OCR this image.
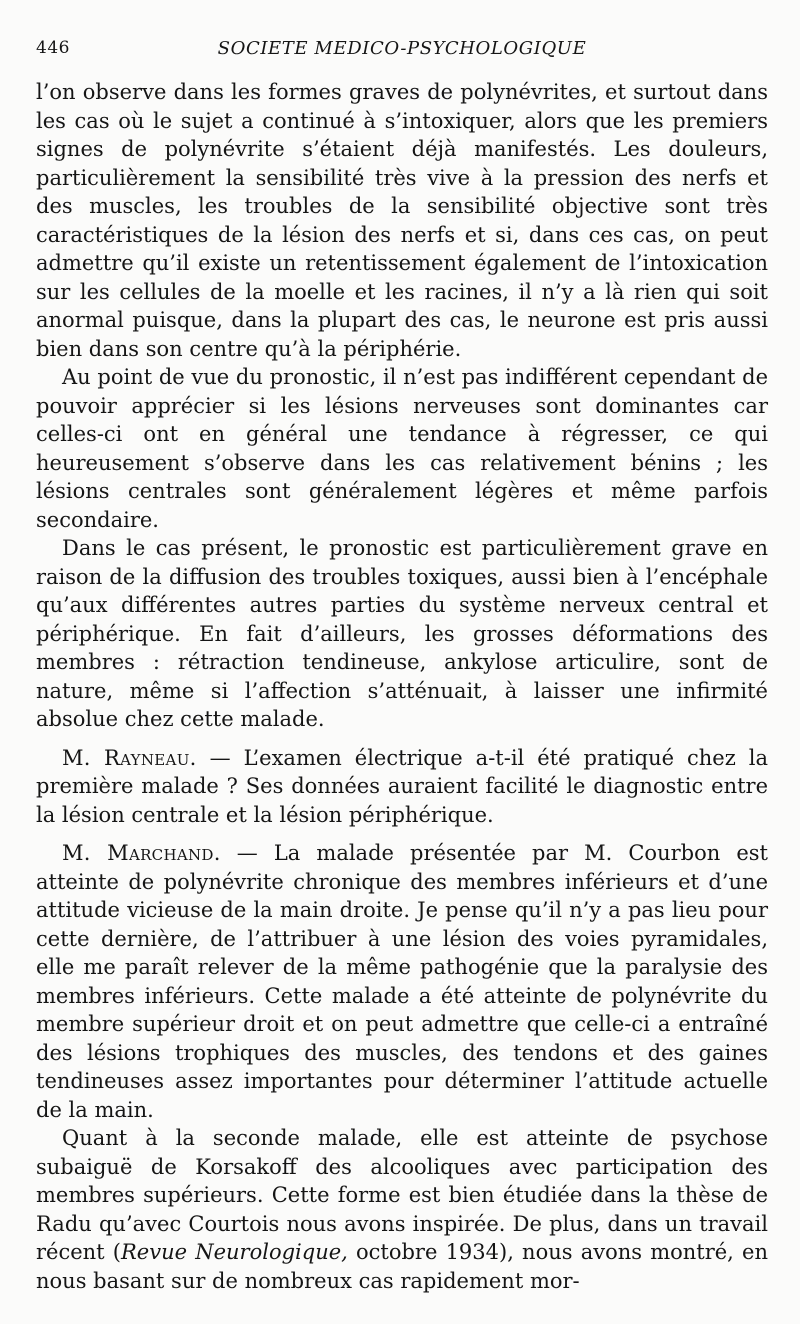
446	SOCIETE MEDICO-PSYCHOLOGIQUE

l’on observe dans les formes graves de polynévrites, et surtout dans les cas où le sujet a continué à s’intoxiquer, alors que les premiers signes de polynévrite s’étaient déjà manifestés. Les douleurs, particulièrement la sensibilité très vive à la pression des nerfs et des muscles, les troubles de la sensibilité objective sont très caractéristiques de la lésion des nerfs et si, dans ces cas, on peut admettre qu’il existe un retentissement également de l’intoxication sur les cellules de la moelle et les racines, il n’y a là rien qui soit anormal puisque, dans la plupart des cas, le neurone est pris aussi bien dans son centre qu’à la périphérie.

Au point de vue du pronostic, il n’est pas indifférent cependant de pouvoir apprécier si les lésions nerveuses sont dominantes car celles-ci ont en général une tendance à régresser, ce qui heureusement s’observe dans les cas relativement bénins ; les lésions centrales sont généralement légères et même parfois secondaire.

Dans le cas présent, le pronostic est particulièrement grave en raison de la diffusion des troubles toxiques, aussi bien à l’encéphale qu’aux différentes autres parties du système nerveux central et périphérique. En fait d’ailleurs, les grosses déformations des membres : rétraction tendineuse, ankylose articulire, sont de nature, même si l’affection s’atténuait, à laisser une infirmité absolue chez cette malade.

M. Rayneau. — L’examen électrique a-t-il été pratiqué chez la première malade ? Ses données auraient facilité le diagnostic entre la lésion centrale et la lésion périphérique.

M. Marchand. — La malade présentée par M. Courbon est atteinte de polynévrite chronique des membres inférieurs et d’une attitude vicieuse de la main droite. Je pense qu’il n’y a pas lieu pour cette dernière, de l’attribuer à une lésion des voies pyramidales, elle me paraît relever de la même pathogénie que la paralysie des membres inférieurs. Cette malade a été atteinte de polynévrite du membre supérieur droit et on peut admettre que celle-ci a entraîné des lésions trophiques des muscles, des tendons et des gaines tendineuses assez importantes pour déterminer l’attitude actuelle de la main.

Quant à la seconde malade, elle est atteinte de psychose subaiguë de Korsakoff des alcooliques avec participation des membres supérieurs. Cette forme est bien étudiée dans la thèse de Radu qu’avec Courtois nous avons inspirée. De plus, dans un travail récent (Revue Neurologique, octobre 1934), nous avons montré, en nous basant sur de nombreux cas rapidement mor-
